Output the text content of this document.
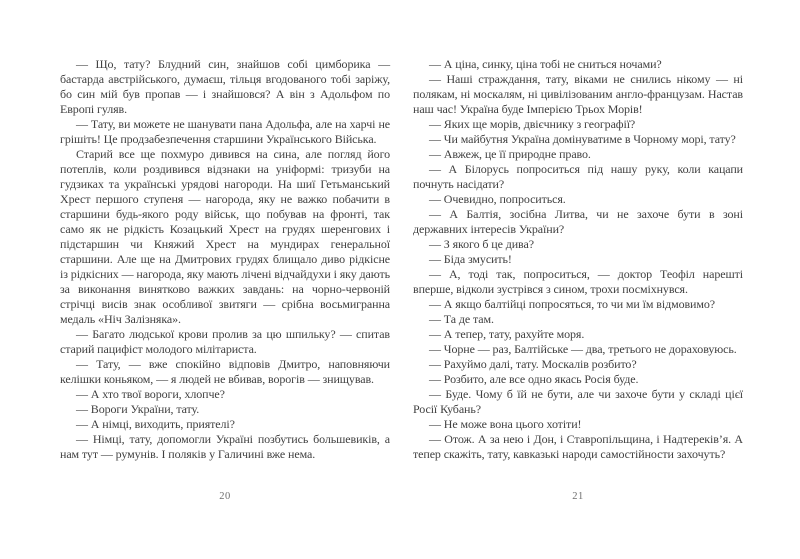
— Що, тату? Блудний син, знайшов собі цимборика — бастарда австрійського, думаєш, тільця вгодованого тобі заріжу, бо син мій був пропав — і знайшовся? А він з Адольфом по Европі гуляв.

— Тату, ви можете не шанувати пана Адольфа, але на харчі не грішіть! Це продзабезпечення старшини Українського Війська.

Старий все ще похмуро дивився на сина, але погляд його потеплів, коли роздивився відзнаки на уніформі: тризуби на гудзиках та українські урядові нагороди. На шиї Гетьманський Хрест першого ступеня — нагорода, яку не важко побачити в старшини будь-якого роду військ, що побував на фронті, так само як не рідкість Козацький Хрест на грудях шеренгових і підстаршин чи Княжий Хрест на мундирах генеральної старшини. Але ще на Дмитрових грудях блищало диво рідкісне із рідкісних — нагорода, яку мають лічені відчайдухи і яку дають за виконання винятково важких завдань: на чорно-червоній стрічці висів знак особливої звитяги — срібна восьмигранна медаль «Ніч Залізняка».

— Багато людської крови пролив за цю шпильку? — спитав старий пацифіст молодого мілітариста.

— Тату, — вже спокійно відповів Дмитро, наповняючи келішки коньяком, — я людей не вбивав, ворогів — знищував.

— А хто твої вороги, хлопче?

— Вороги України, тату.

— А німці, виходить, приятелі?

— Німці, тату, допомогли Україні позбутись большевиків, а нам тут — румунів. І поляків у Галичині вже нема.

20

— А ціна, синку, ціна тобі не сниться ночами?

— Наші страждання, тату, віками не снились нікому — ні полякам, ні москалям, ні цивілізованим англо-французам. Настав наш час! Україна буде Імперією Трьох Морів!

— Яких ще морів, двієчнику з географії?

— Чи майбутня Україна домінуватиме в Чорному морі, тату?

— Авжеж, це її природне право.

— А Білорусь попроситься під нашу руку, коли кацапи почнуть насідати?

— Очевидно, попроситься.

— А Балтія, зосібна Литва, чи не захоче бути в зоні державних інтересів України?

— З якого б це дива?

— Біда змусить!

— А, тоді так, попроситься, — доктор Теофіл нарешті вперше, відколи зустрівся з сином, трохи посміхнувся.

— А якщо балтійці попросяться, то чи ми їм відмовимо?

— Та де там.

— А тепер, тату, рахуйте моря.

— Чорне — раз, Балтійське — два, третього не дораховуюсь.

— Рахуймо далі, тату. Москалів розбито?

— Розбито, але все одно якась Росія буде.

— Буде. Чому б їй не бути, але чи захоче бути у складі цієї Росії Кубань?

— Не може вона цього хотіти!

— Отож. А за нею і Дон, і Ставропільщина, і Надтереків’я. А тепер скажіть, тату, кавказькі народи самостійности захочуть?

21
